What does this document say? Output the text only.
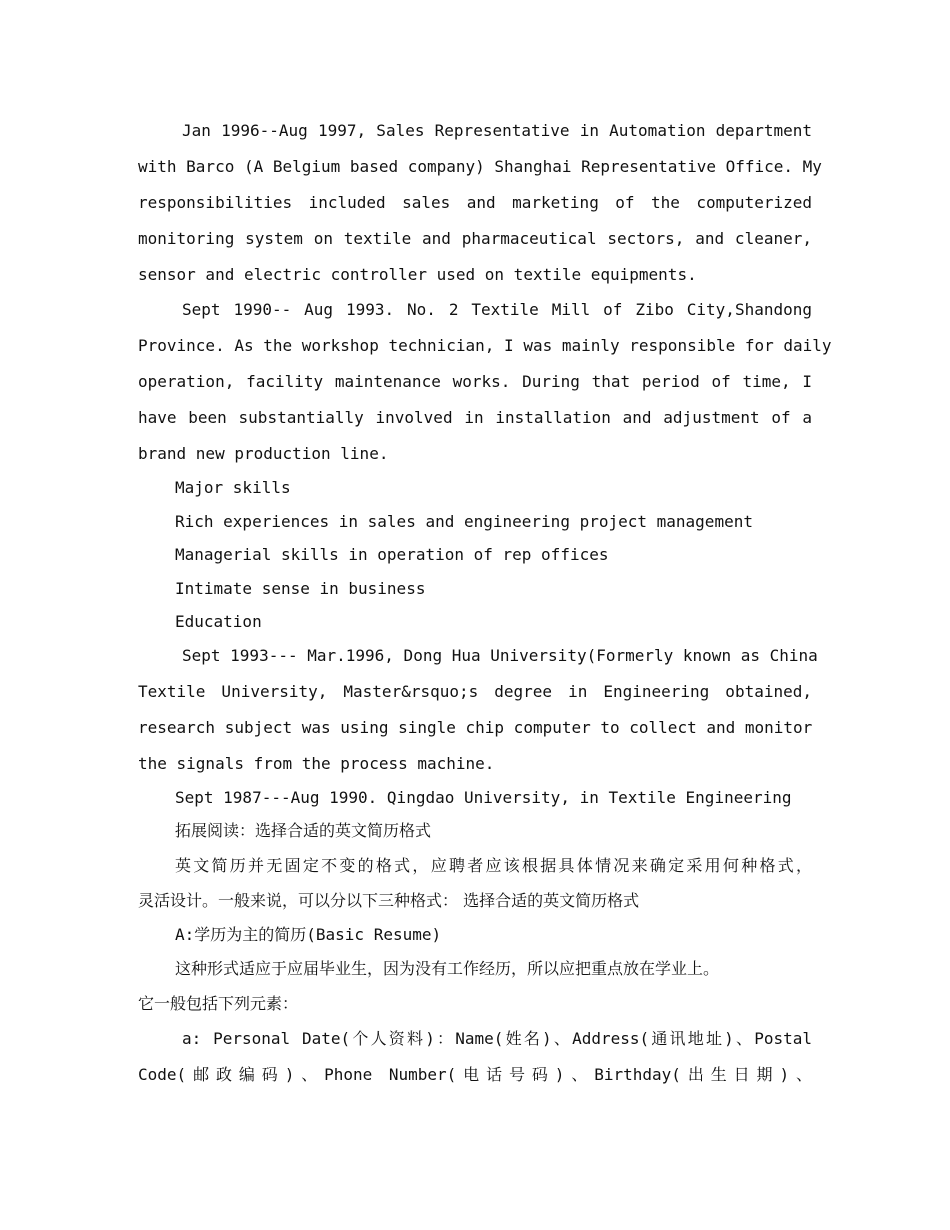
Jan 1996--Aug 1997, Sales Representative in Automation department
with Barco (A Belgium based company) Shanghai Representative Office. My
responsibilities included sales and marketing of the computerized
monitoring system on textile and pharmaceutical sectors, and cleaner,
sensor and electric controller used on textile equipments.
Sept 1990-- Aug 1993. No. 2 Textile Mill of Zibo City,Shandong
Province. As the workshop technician, I was mainly responsible for daily
operation, facility maintenance works. During that period of time, I
have been substantially involved in installation and adjustment of a
brand new production line.
Major skills
Rich experiences in sales and engineering project management
Managerial skills in operation of rep offices
Intimate sense in business
Education
Sept 1993--- Mar.1996, Dong Hua University(Formerly known as China
Textile University, Master&rsquo;s degree in Engineering obtained,
research subject was using single chip computer to collect and monitor
the signals from the process machine.
Sept 1987---Aug 1990. Qingdao University, in Textile Engineering
拓展阅读：选择合适的英文简历格式
英文简历并无固定不变的格式，应聘者应该根据具体情况来确定采用何种格式，
灵活设计。一般来说，可以分以下三种格式： 选择合适的英文简历格式
A:学历为主的简历(Basic Resume)
这种形式适应于应届毕业生，因为没有工作经历，所以应把重点放在学业上。
它一般包括下列元素：
a: Personal Date(个人资料)：Name(姓名)、Address(通讯地址)、Postal
Code(邮政编码)、Phone Number(电话号码)、Birthday(出生日期)、
